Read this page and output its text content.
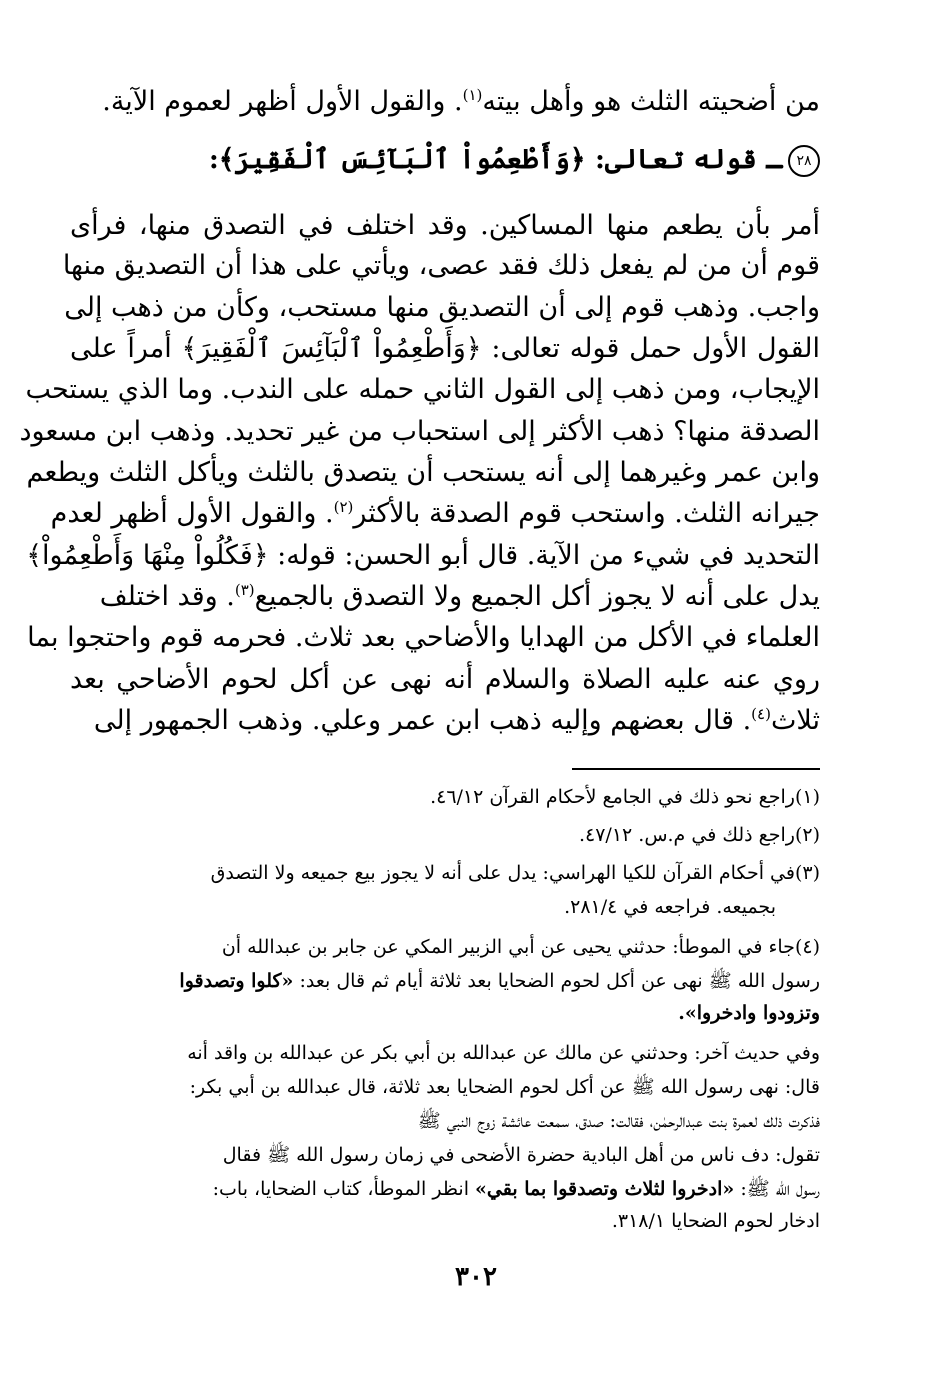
من أضحيته الثلث هو وأهل بيته$^{(١)}$. والقول الأول أظهر لعموم الآية.
٢٨ـ قوله تعالى: ﴿وَأَطْعِمُواْ ٱلْبَآئِسَ ٱلْفَقِيرَ﴾:
أمر بأن يطعم منها المساكين. وقد اختلف في التصدق منها، فرأى
قوم أن من لم يفعل ذلك فقد عصى، ويأتي على هذا أن التصديق منها
واجب. وذهب قوم إلى أن التصديق منها مستحب، وكأن من ذهب إلى
القول الأول حمل قوله تعالى: ﴿وَأَطْعِمُواْ ٱلْبَآئِسَ ٱلْفَقِيرَ﴾ أمراً على
الإيجاب، ومن ذهب إلى القول الثاني حمله على الندب. وما الذي يستحب
الصدقة منها؟ ذهب الأكثر إلى استحباب من غير تحديد. وذهب ابن مسعود
وابن عمر وغيرهما إلى أنه يستحب أن يتصدق بالثلث ويأكل الثلث ويطعم
جيرانه الثلث. واستحب قوم الصدقة بالأكثر$^{(٢)}$. والقول الأول أظهر لعدم
التحديد في شيء من الآية. قال أبو الحسن: قوله: ﴿فَكُلُواْ مِنْهَا وَأَطْعِمُواْ﴾
يدل على أنه لا يجوز أكل الجميع ولا التصدق بالجميع$^{(٣)}$. وقد اختلف
العلماء في الأكل من الهدايا والأضاحي بعد ثلاث. فحرمه قوم واحتجوا بما
روي عنه عليه الصلاة والسلام أنه نهى عن أكل لحوم الأضاحي بعد
ثلاث$^{(٤)}$. قال بعضهم وإليه ذهب ابن عمر وعلي. وذهب الجمهور إلى
(١)راجع نحو ذلك في الجامع لأحكام القرآن ٤٦/١٢.
(٢)راجع ذلك في م.س. ٤٧/١٢.
(٣)في أحكام القرآن للكيا الهراسي: يدل على أنه لا يجوز بيع جميعه ولا التصدق
بجميعه. فراجعه في ٢٨١/٤.
(٤)جاء في الموطأ: حدثني يحيى عن أبي الزبير المكي عن جابر بن عبدالله أن
رسول الله ﷺ نهى عن أكل لحوم الضحايا بعد ثلاثة أيام ثم قال بعد: «كلوا وتصدقوا
وتزودوا وادخروا».
وفي حديث آخر: وحدثني عن مالك عن عبدالله بن أبي بكر عن عبدالله بن واقد أنه
قال: نهى رسول الله ﷺ عن أكل لحوم الضحايا بعد ثلاثة، قال عبدالله بن أبي بكر:
فذكرت ذلك لعمرة بنت عبدالرحمٰن، فقالت: صدق، سمعت عائشة زوج النبي ﷺ
تقول: دف ناس من أهل البادية حضرة الأضحى في زمان رسول الله ﷺ فقال
رسول الله ﷺ: «ادخروا لثلاث وتصدقوا بما بقي» انظر الموطأ، كتاب الضحايا، باب:
ادخار لحوم الضحايا ٣١٨/١.
٣٠٢
